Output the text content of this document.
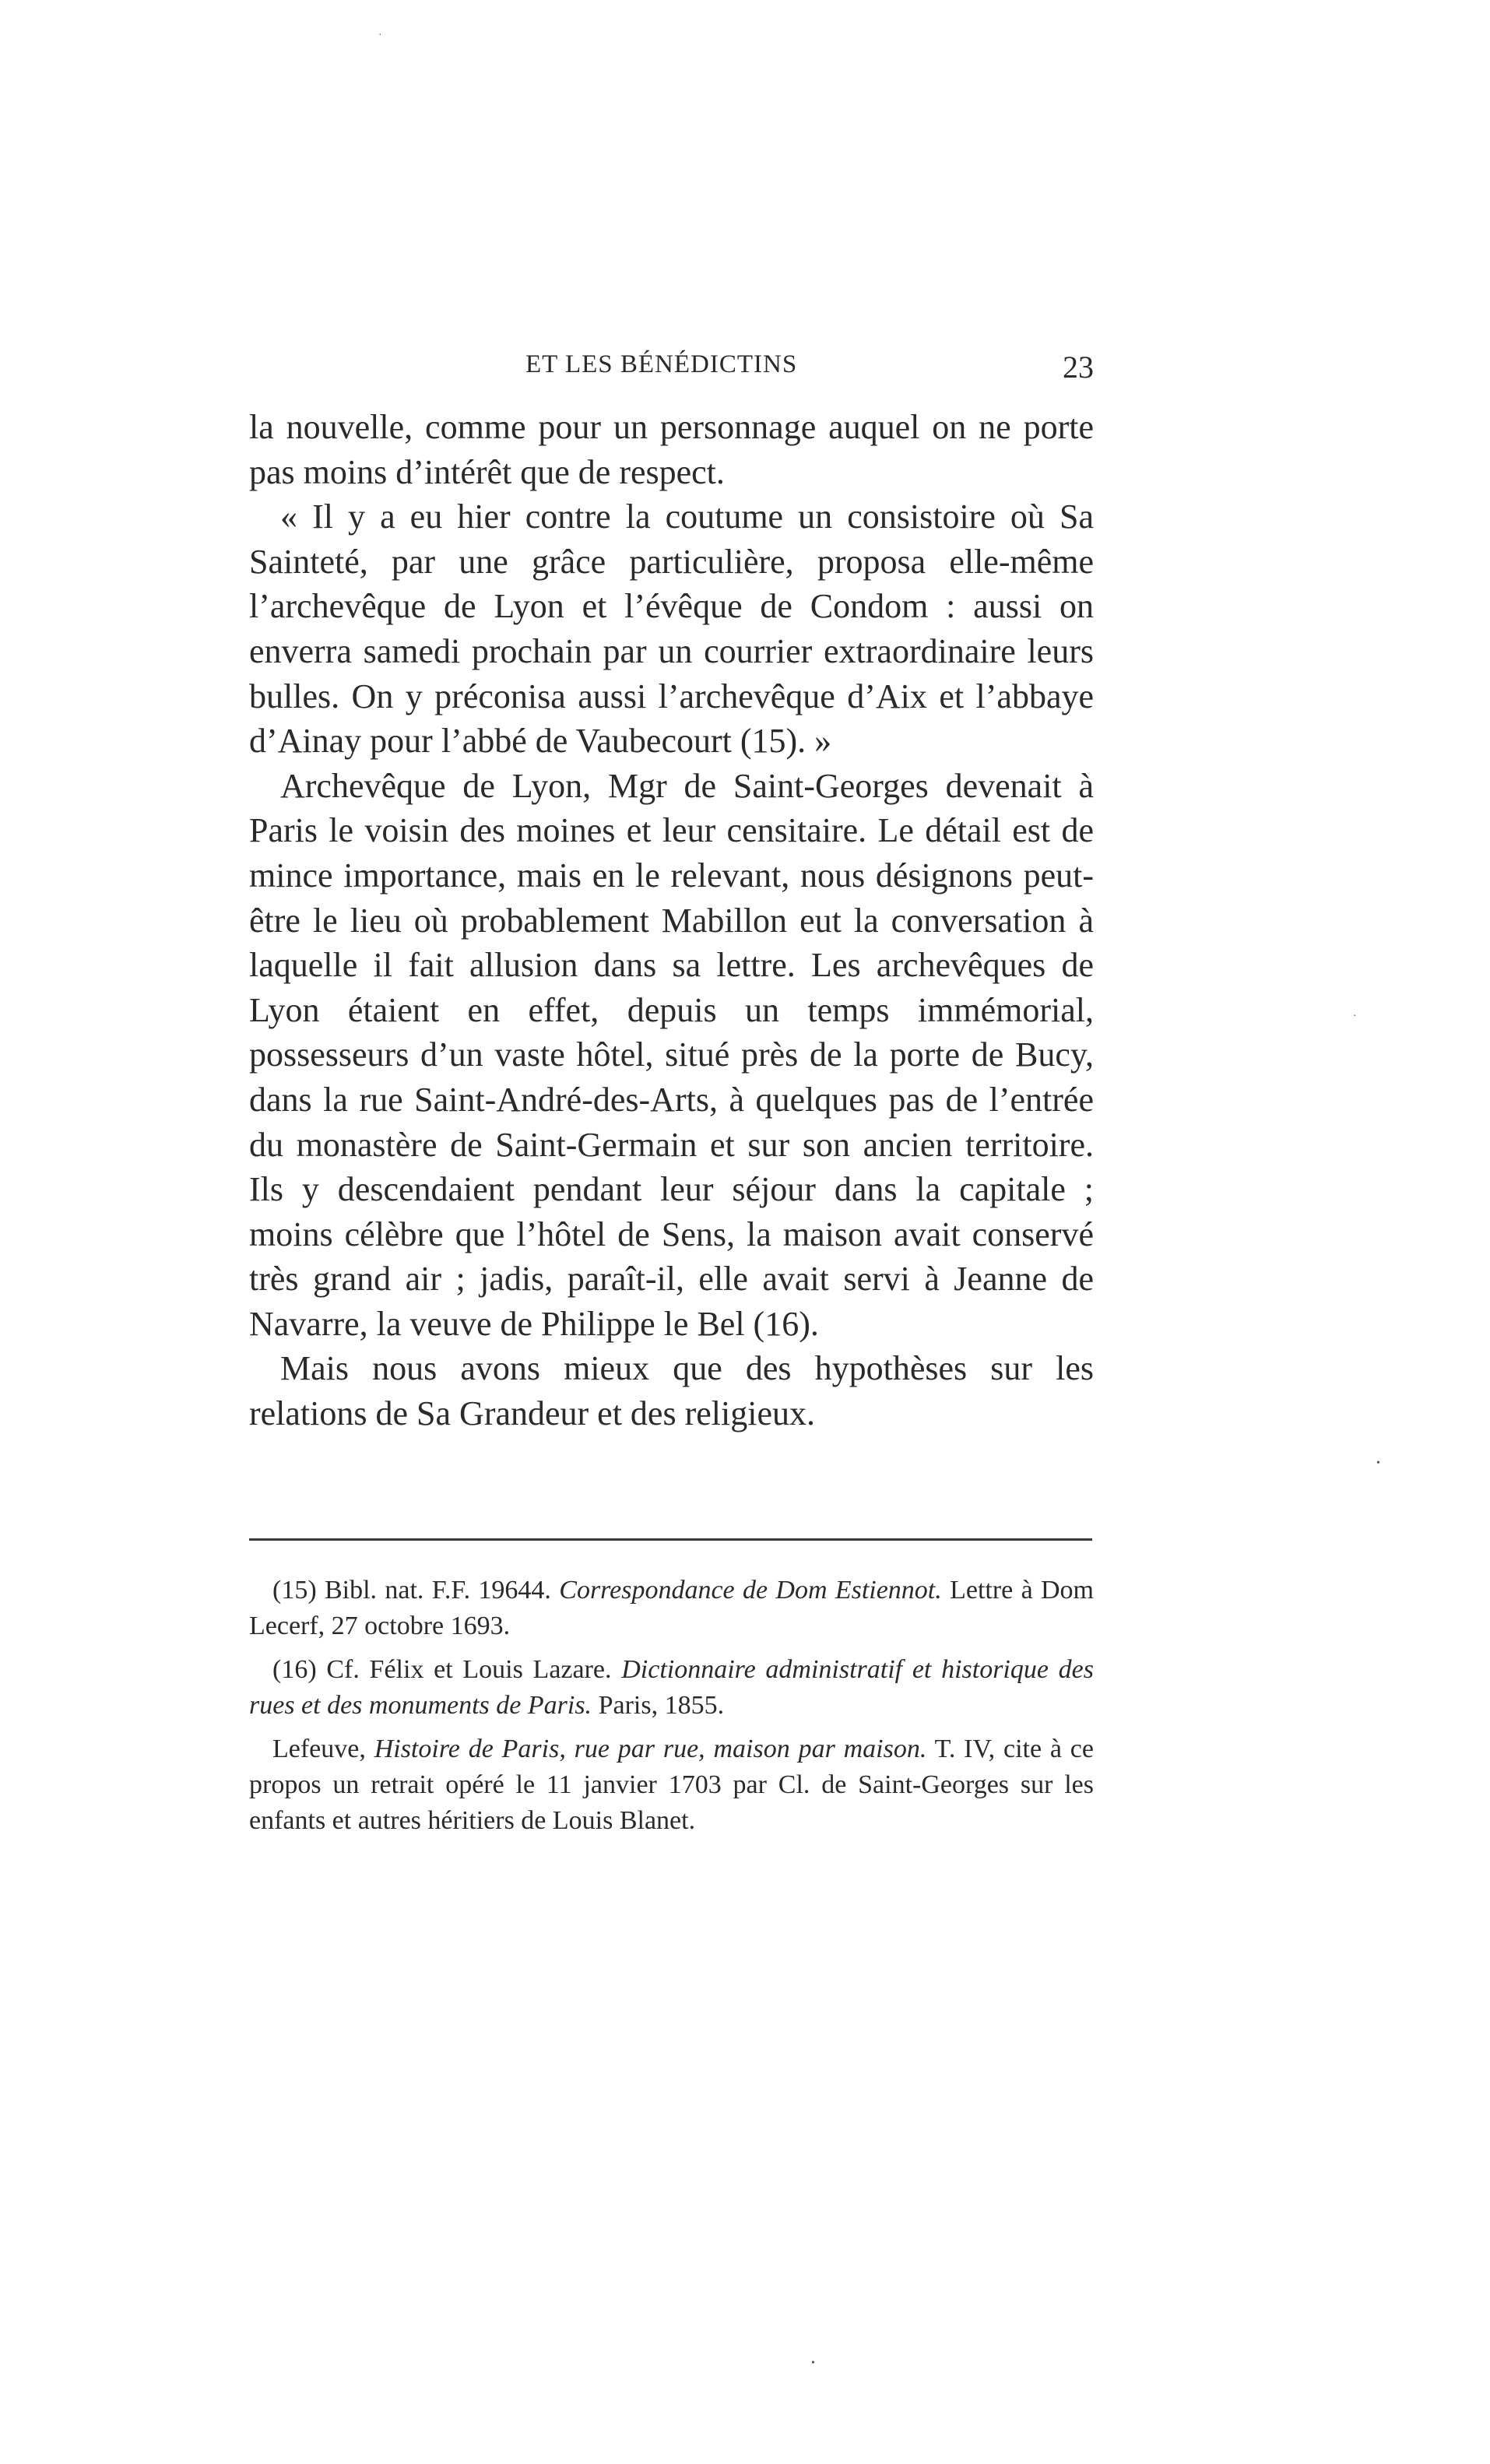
ET LES BÉNÉDICTINS	23

la nouvelle, comme pour un personnage auquel on ne porte pas moins d’intérêt que de respect.

« Il y a eu hier contre la coutume un consistoire où Sa Sainteté, par une grâce particulière, proposa elle-même l’archevêque de Lyon et l’évêque de Condom : aussi on enverra samedi prochain par un courrier extraordinaire leurs bulles. On y préconisa aussi l’archevêque d’Aix et l’abbaye d’Ainay pour l’abbé de Vaubecourt (15). »

Archevêque de Lyon, Mgr de Saint-Georges devenait à Paris le voisin des moines et leur censitaire. Le détail est de mince importance, mais en le relevant, nous désignons peut-être le lieu où probablement Mabillon eut la conversation à laquelle il fait allusion dans sa lettre. Les archevêques de Lyon étaient en effet, depuis un temps immémorial, possesseurs d’un vaste hôtel, situé près de la porte de Bucy, dans la rue Saint-André-des-Arts, à quelques pas de l’entrée du monastère de Saint-Germain et sur son ancien territoire. Ils y descendaient pendant leur séjour dans la capitale ; moins célèbre que l’hôtel de Sens, la maison avait conservé très grand air ; jadis, paraît-il, elle avait servi à Jeanne de Navarre, la veuve de Philippe le Bel (16).

Mais nous avons mieux que des hypothèses sur les relations de Sa Grandeur et des religieux.

(15) Bibl. nat. F.F. 19644. Correspondance de Dom Estiennot. Lettre à Dom Lecerf, 27 octobre 1693.

(16) Cf. Félix et Louis Lazare. Dictionnaire administratif et historique des rues et des monuments de Paris. Paris, 1855.

Lefeuve, Histoire de Paris, rue par rue, maison par maison. T. IV, cite à ce propos un retrait opéré le 11 janvier 1703 par Cl. de Saint-Georges sur les enfants et autres héritiers de Louis Blanet.

·
·
•
•
